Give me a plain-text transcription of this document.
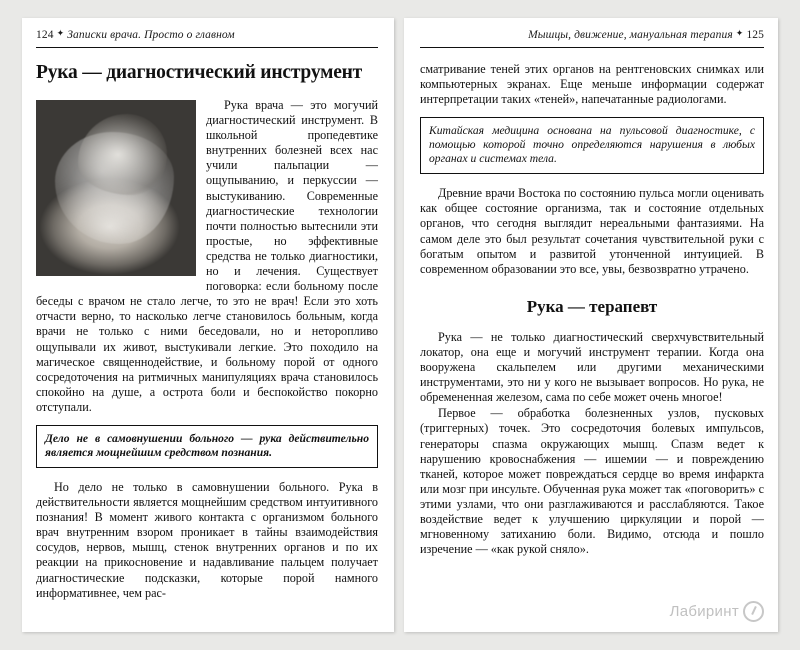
124 ✦ Записки врача. Просто о главном
Рука — диагностический инструмент

Рука врача — это могучий диагностический инструмент. В школьной пропедевтике внутренних болезней всех нас учили пальпации — ощупыванию, и перкуссии — выстукиванию. Современные диагностические технологии почти полностью вытеснили эти простые, но эффективные средства не только диагностики, но и лечения. Существует поговорка: если больному после беседы с врачом не стало легче, то это не врач! Если это хоть отчасти верно, то насколько легче становилось больным, когда врачи не только с ними беседовали, но и неторопливо ощупывали их живот, выстукивали легкие. Это походило на магическое священнодействие, и больному порой от одного сосредоточения на ритмичных манипуляциях врача становилось спокойно на душе, а острота боли и беспокойство покорно отступали.

Дело не в самовнушении больного — рука действительно является мощнейшим средством познания.

Но дело не только в самовнушении больного. Рука в действительности является мощнейшим средством интуитивного познания! В момент живого контакта с организмом больного врач внутренним взором проникает в тайны взаимодействия сосудов, нервов, мышц, стенок внутренних органов и по их реакции на прикосновение и надавливание пальцем получает диагностические подсказки, которые порой намного информативнее, чем рас-

Мышцы, движение, мануальная терапия ✦ 125

сматривание теней этих органов на рентгеновских снимках или компьютерных экранах. Еще меньше информации содержат интерпретации таких «теней», напечатанные радиологами.

Китайская медицина основана на пульсовой диагностике, с помощью которой точно определяются нарушения в любых органах и системах тела.

Древние врачи Востока по состоянию пульса могли оценивать как общее состояние организма, так и состояние отдельных органов, что сегодня выглядит нереальными фантазиями. На самом деле это был результат сочетания чувствительной руки с богатым опытом и развитой утонченной интуицией. В современном образовании это все, увы, безвозвратно утрачено.

Рука — терапевт

Рука — не только диагностический сверхчувствительный локатор, она еще и могучий инструмент терапии. Когда она вооружена скальпелем или другими механическими инструментами, это ни у кого не вызывает вопросов. Но рука, не обремененная железом, сама по себе может очень многое!

Первое — обработка болезненных узлов, пусковых (триггерных) точек. Это сосредоточия болевых импульсов, генераторы спазма окружающих мышц. Спазм ведет к нарушению кровоснабжения — ишемии — и повреждению тканей, которое может повреждаться сердце во время инфаркта или мозг при инсульте. Обученная рука может так «поговорить» с этими узлами, что они разглаживаются и расслабляются. Такое воздействие ведет к улучшению циркуляции и порой — мгновенному затиханию боли. Видимо, отсюда и пошло изречение — «как рукой сняло».

Лабиринт
